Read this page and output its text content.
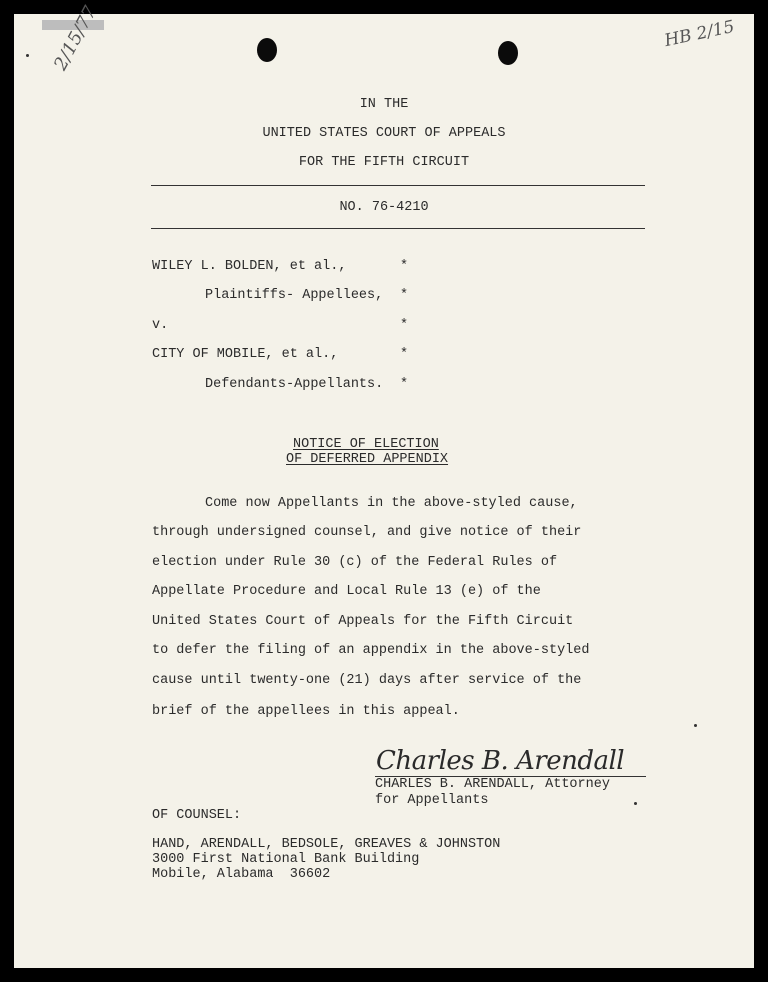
2/15/77	HB 2/15
IN THE
UNITED STATES COURT OF APPEALS
FOR THE FIFTH CIRCUIT
NO. 76-4210
WILEY L. BOLDEN, et al.,	*
Plaintiffs- Appellees, *
v.	*
CITY OF MOBILE, et al.,	*
Defendants-Appellants. *
NOTICE OF ELECTION
OF DEFERRED APPENDIX
Come now Appellants in the above-styled cause,
through undersigned counsel, and give notice of their
election under Rule 30 (c) of the Federal Rules of
Appellate Procedure and Local Rule 13 (e) of the
United States Court of Appeals for the Fifth Circuit
to defer the filing of an appendix in the above-styled
cause until twenty-one (21) days after service of the
brief of the appellees in this appeal.
Charles B. Arendall
CHARLES B. ARENDALL, Attorney
for Appellants
OF COUNSEL:
HAND, ARENDALL, BEDSOLE, GREAVES & JOHNSTON
3000 First National Bank Building
Mobile, Alabama  36602
